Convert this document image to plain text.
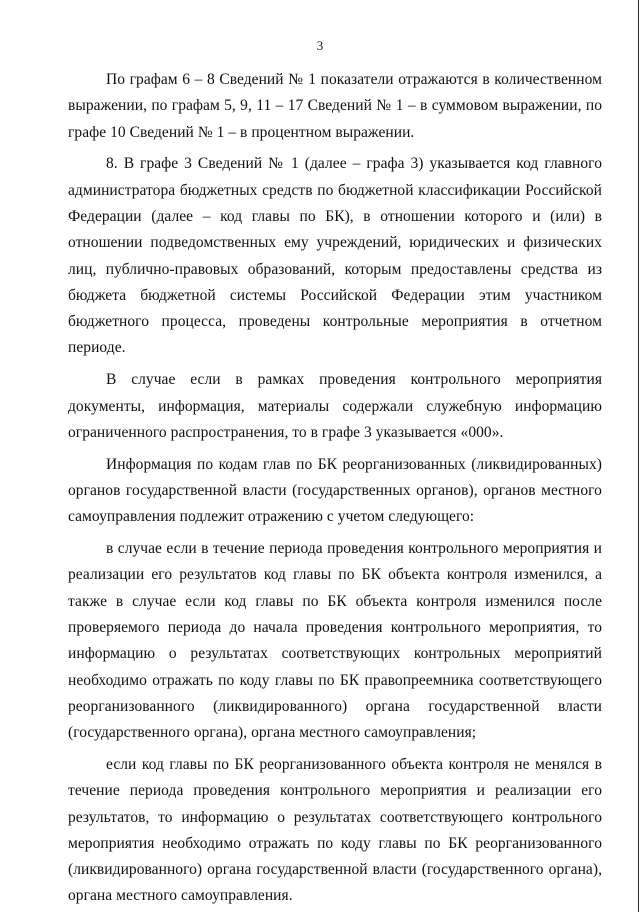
3

По графам 6 – 8 Сведений № 1 показатели отражаются в количественном выражении, по графам 5, 9, 11 – 17 Сведений № 1 – в суммовом выражении, по графе 10 Сведений № 1 – в процентном выражении.

8. В графе 3 Сведений № 1 (далее – графа 3) указывается код главного администратора бюджетных средств по бюджетной классификации Российской Федерации (далее – код главы по БК), в отношении которого и (или) в отношении подведомственных ему учреждений, юридических и физических лиц, публично-правовых образований, которым предоставлены средства из бюджета бюджетной системы Российской Федерации этим участником бюджетного процесса, проведены контрольные мероприятия в отчетном периоде.

В случае если в рамках проведения контрольного мероприятия документы, информация, материалы содержали служебную информацию ограниченного распространения, то в графе 3 указывается «000».

Информация по кодам глав по БК реорганизованных (ликвидированных) органов государственной власти (государственных органов), органов местного самоуправления подлежит отражению с учетом следующего:

в случае если в течение периода проведения контрольного мероприятия и реализации его результатов код главы по БК объекта контроля изменился, а также в случае если код главы по БК объекта контроля изменился после проверяемого периода до начала проведения контрольного мероприятия, то информацию о результатах соответствующих контрольных мероприятий необходимо отражать по коду главы по БК правопреемника соответствующего реорганизованного (ликвидированного) органа государственной власти (государственного органа), органа местного самоуправления;

если код главы по БК реорганизованного объекта контроля не менялся в течение периода проведения контрольного мероприятия и реализации его результатов, то информацию о результатах соответствующего контрольного мероприятия необходимо отражать по коду главы по БК реорганизованного (ликвидированного) органа государственной власти (государственного органа), органа местного самоуправления.
